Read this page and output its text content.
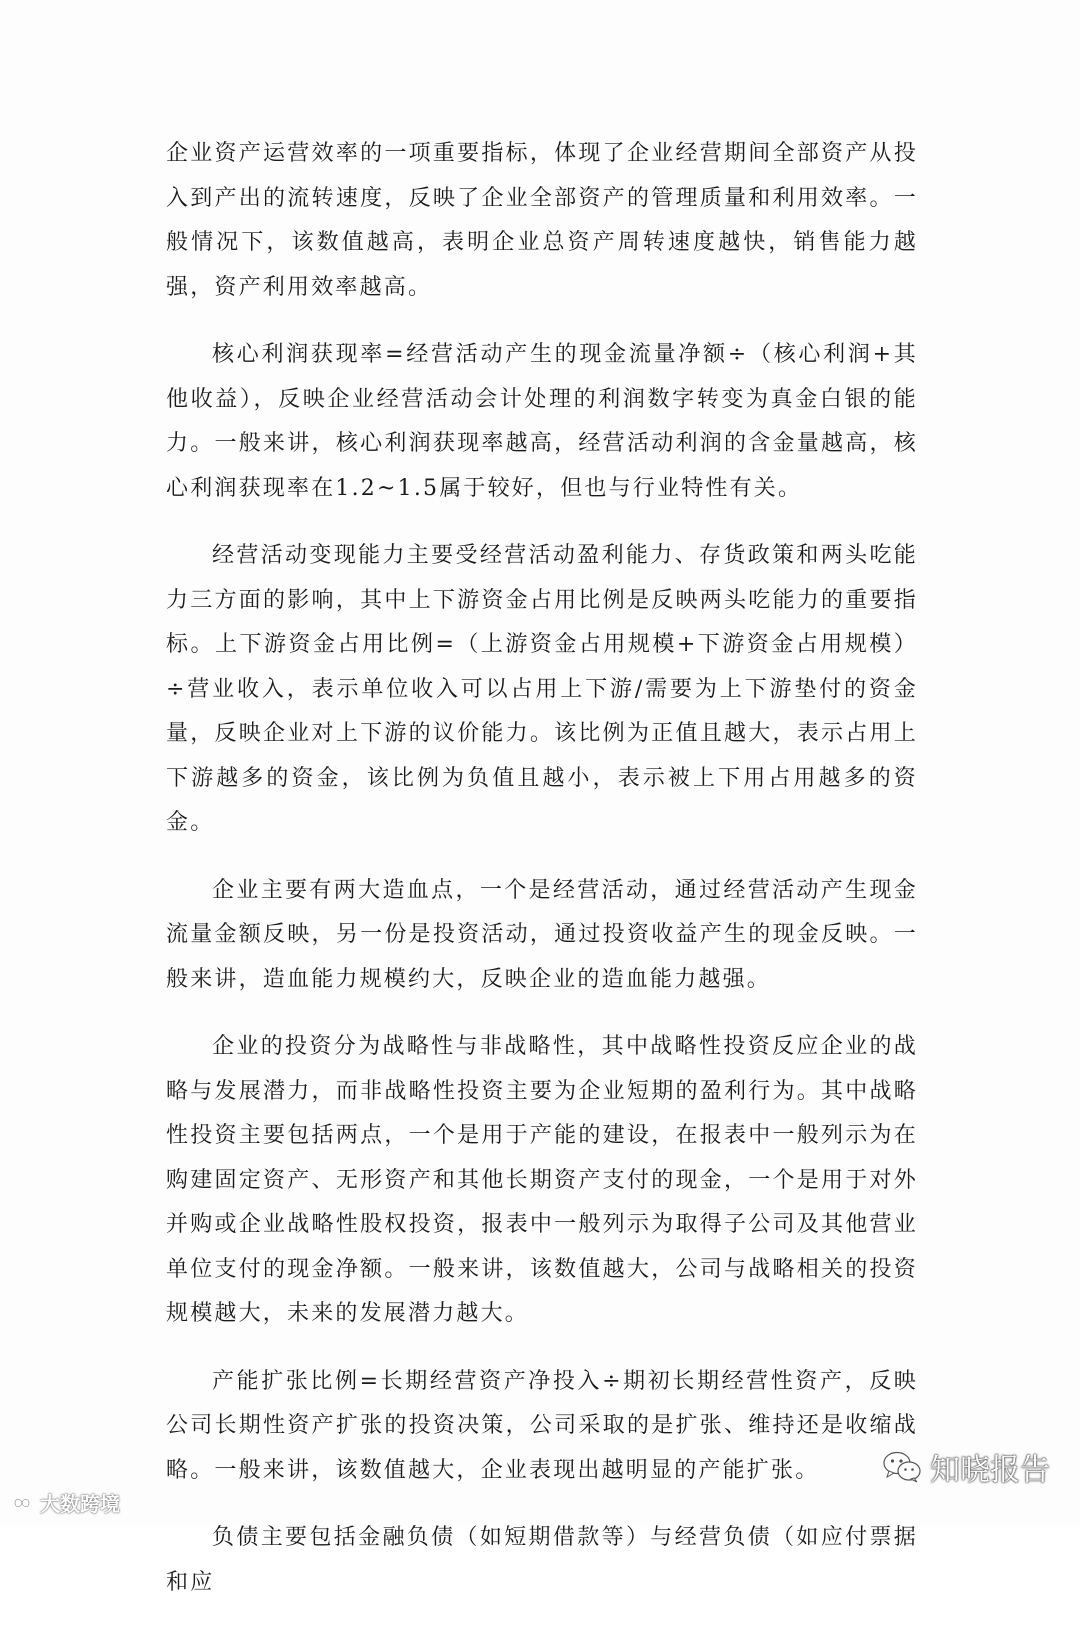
企业资产运营效率的一项重要指标，体现了企业经营期间全部资产从投入到产出的流转速度，反映了企业全部资产的管理质量和利用效率。一般情况下，该数值越高，表明企业总资产周转速度越快，销售能力越强，资产利用效率越高。

核心利润获现率=经营活动产生的现金流量净额÷（核心利润+其他收益），反映企业经营活动会计处理的利润数字转变为真金白银的能力。一般来讲，核心利润获现率越高，经营活动利润的含金量越高，核心利润获现率在1.2~1.5属于较好，但也与行业特性有关。

经营活动变现能力主要受经营活动盈利能力、存货政策和两头吃能力三方面的影响，其中上下游资金占用比例是反映两头吃能力的重要指标。上下游资金占用比例=（上游资金占用规模+下游资金占用规模）÷营业收入，表示单位收入可以占用上下游/需要为上下游垫付的资金量，反映企业对上下游的议价能力。该比例为正值且越大，表示占用上下游越多的资金，该比例为负值且越小，表示被上下用占用越多的资金。

企业主要有两大造血点，一个是经营活动，通过经营活动产生现金流量金额反映，另一份是投资活动，通过投资收益产生的现金反映。一般来讲，造血能力规模约大，反映企业的造血能力越强。

企业的投资分为战略性与非战略性，其中战略性投资反应企业的战略与发展潜力，而非战略性投资主要为企业短期的盈利行为。其中战略性投资主要包括两点，一个是用于产能的建设，在报表中一般列示为在购建固定资产、无形资产和其他长期资产支付的现金，一个是用于对外并购或企业战略性股权投资，报表中一般列示为取得子公司及其他营业单位支付的现金净额。一般来讲，该数值越大，公司与战略相关的投资规模越大，未来的发展潜力越大。

产能扩张比例=长期经营资产净投入÷期初长期经营性资产，反映公司长期性资产扩张的投资决策，公司采取的是扩张、维持还是收缩战略。一般来讲，该数值越大，企业表现出越明显的产能扩张。

负债主要包括金融负债（如短期借款等）与经营负债（如应付票据和应

大数跨境
知晓报告
